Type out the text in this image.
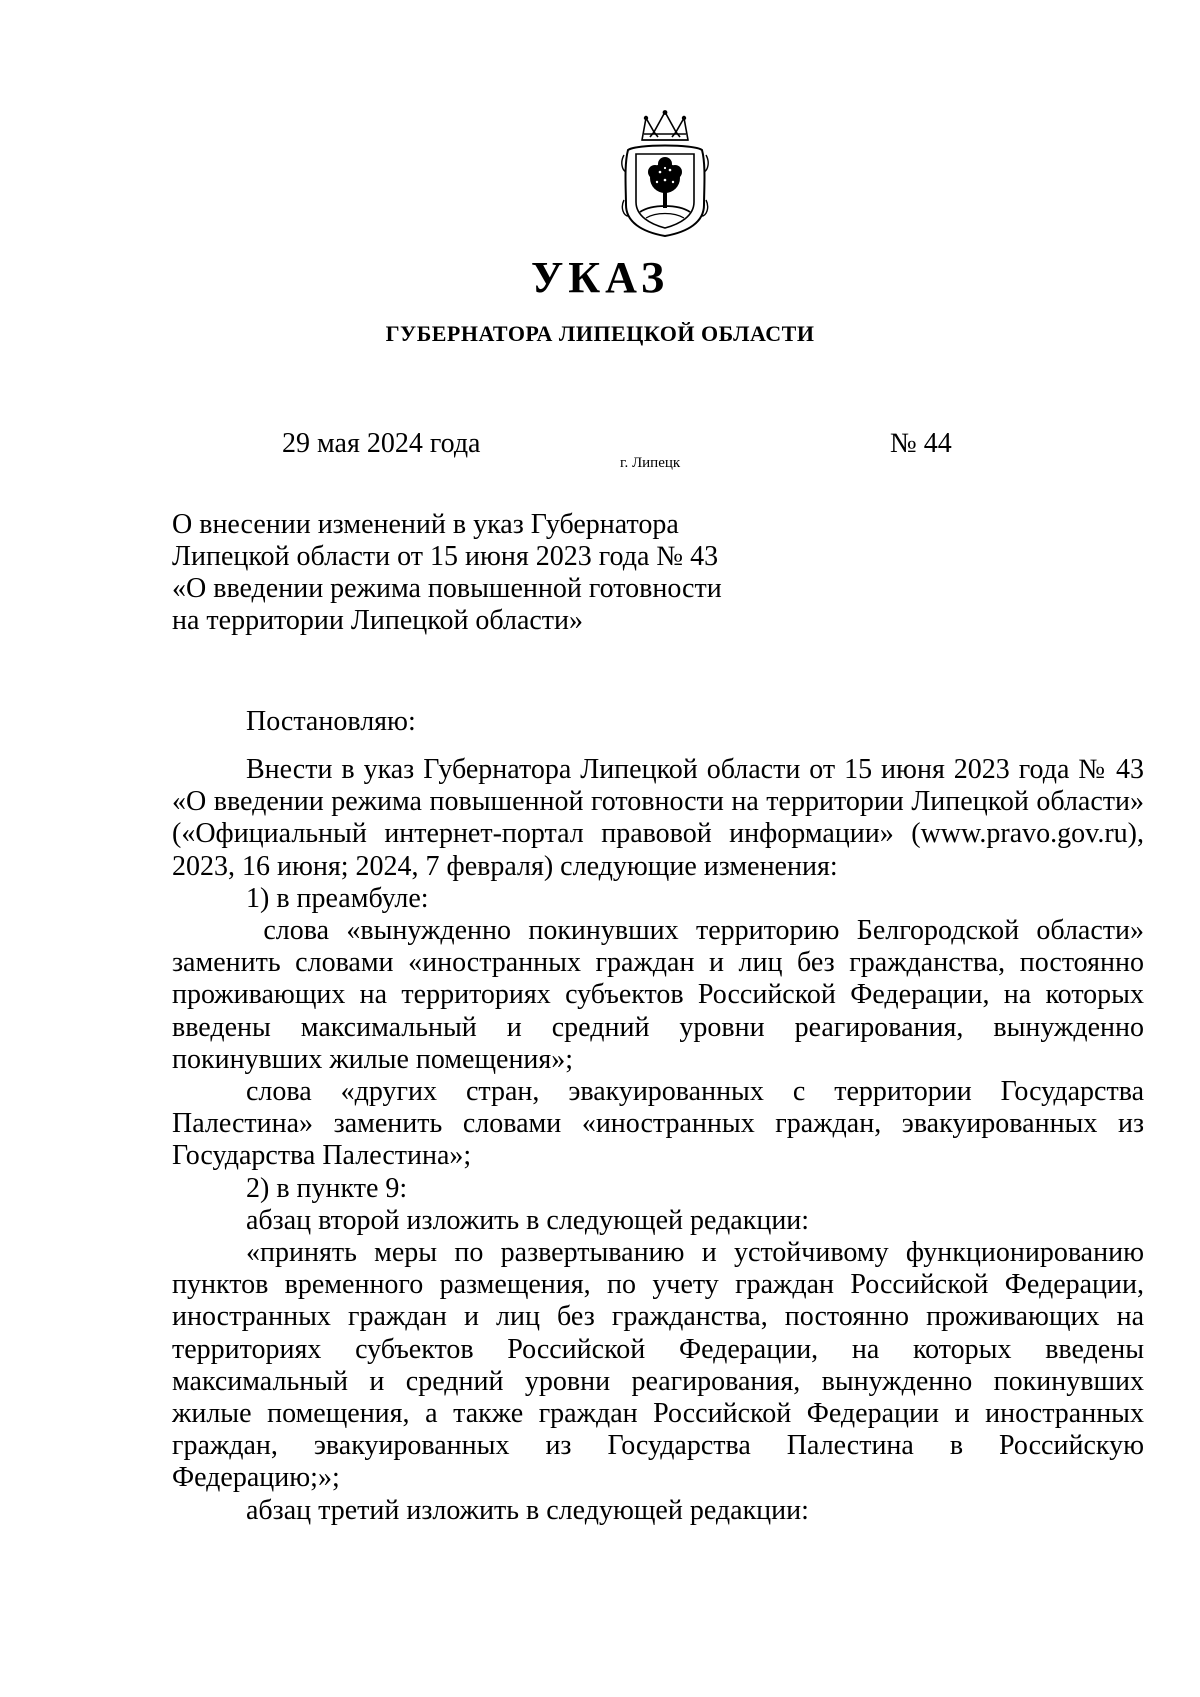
УКАЗ
ГУБЕРНАТОРА ЛИПЕЦКОЙ ОБЛАСТИ
29 мая 2024 года
г. Липецк
№ 44
О внесении изменений в указ Губернатора
Липецкой области от 15 июня 2023 года № 43
«О введении режима повышенной готовности
на территории Липецкой области»
Постановляю:

Внести в указ Губернатора Липецкой области от 15 июня 2023 года № 43 «О введении режима повышенной готовности на территории Липецкой области» («Официальный интернет-портал правовой информации» (www.pravo.gov.ru), 2023, 16 июня; 2024, 7 февраля) следующие изменения:

1) в преамбуле:

слова «вынужденно покинувших территорию Белгородской области» заменить словами «иностранных граждан и лиц без гражданства, постоянно проживающих на территориях субъектов Российской Федерации, на которых введены максимальный и средний уровни реагирования, вынужденно покинувших жилые помещения»;

слова «других стран, эвакуированных с территории Государства Палестина» заменить словами «иностранных граждан, эвакуированных из Государства Палестина»;

2) в пункте 9:

абзац второй изложить в следующей редакции:

«принять меры по развертыванию и устойчивому функционированию пунктов временного размещения, по учету граждан Российской Федерации, иностранных граждан и лиц без гражданства, постоянно проживающих на территориях субъектов Российской Федерации, на которых введены максимальный и средний уровни реагирования, вынужденно покинувших жилые помещения, а также граждан Российской Федерации и иностранных граждан, эвакуированных из Государства Палестина в Российскую Федерацию;»;

абзац третий изложить в следующей редакции:
